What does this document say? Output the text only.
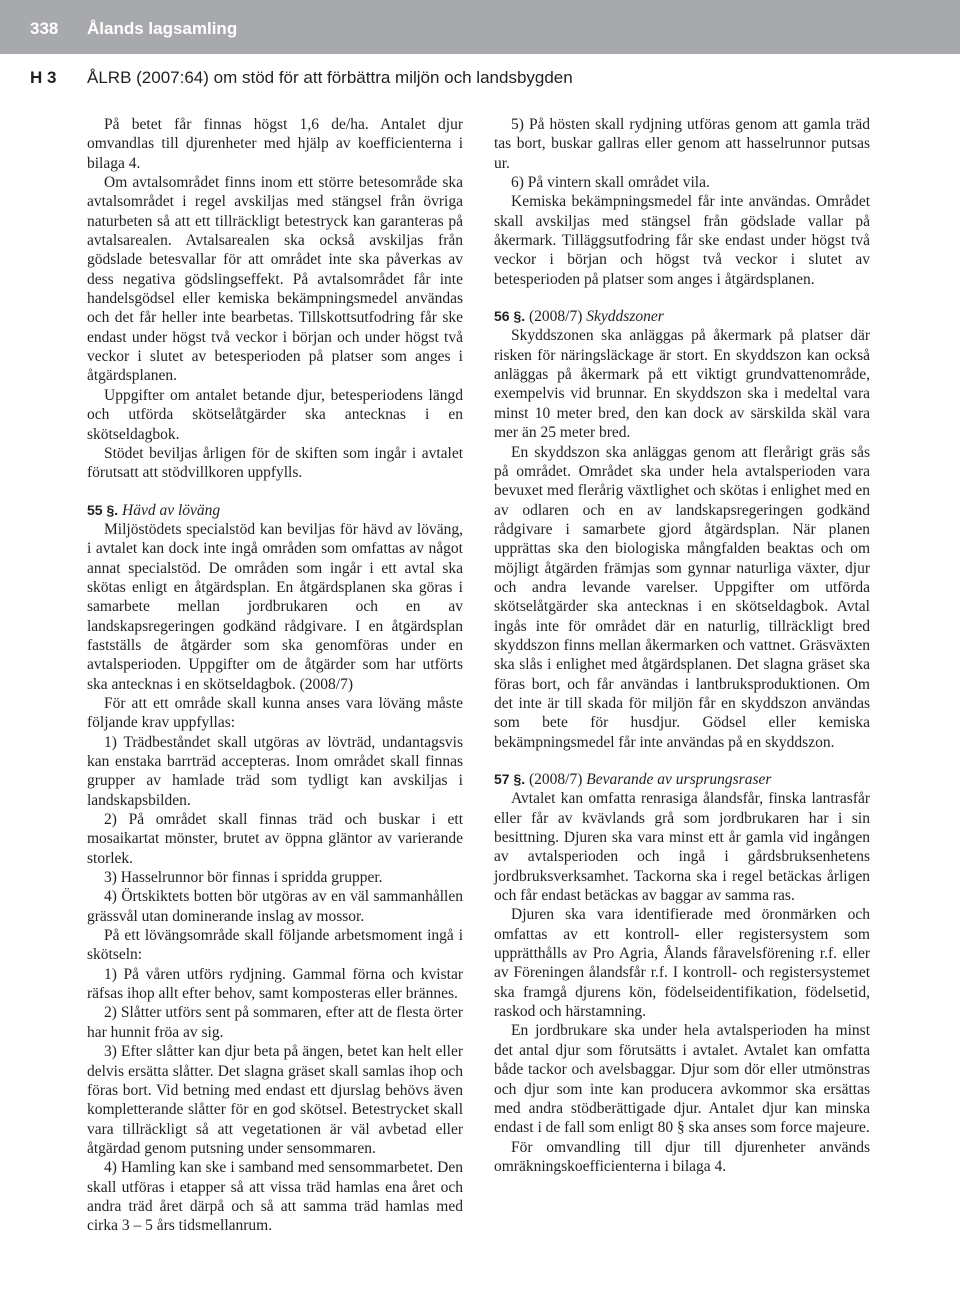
338 Ålands lagsamling
H 3 ÅLRB (2007:64) om stöd för att förbättra miljön och landsbygden

På betet får finnas högst 1,6 de/ha. Antalet djur omvandlas till djurenheter med hjälp av koefficienterna i bilaga 4.

Om avtalsområdet finns inom ett större betesområde ska avtalsområdet i regel avskiljas med stängsel från övriga naturbeten så att ett tillräckligt betestryck kan garanteras på avtalsarealen. Avtalsarealen ska också avskiljas från gödslade betesvallar för att området inte ska påverkas av dess negativa gödslingseffekt. På avtalsområdet får inte handelsgödsel eller kemiska bekämpningsmedel användas och det får heller inte bearbetas. Tillskottsutfodring får ske endast under högst två veckor i början och under högst två veckor i slutet av betesperioden på platser som anges i åtgärdsplanen.

Uppgifter om antalet betande djur, betesperiodens längd och utförda skötselåtgärder ska antecknas i en skötseldagbok.

Stödet beviljas årligen för de skiften som ingår i avtalet förutsatt att stödvillkoren uppfylls.

55 §. Hävd av löväng

Miljöstödets specialstöd kan beviljas för hävd av löväng, i avtalet kan dock inte ingå områden som omfattas av något annat specialstöd. De områden som ingår i ett avtal ska skötas enligt en åtgärdsplan. En åtgärdsplanen ska göras i samarbete mellan jordbrukaren och en av landskapsregeringen godkänd rådgivare. I en åtgärdsplan fastställs de åtgärder som ska genomföras under en avtalsperioden. Uppgifter om de åtgärder som har utförts ska antecknas i en skötseldagbok. (2008/7)

För att ett område skall kunna anses vara löväng måste följande krav uppfyllas:

1) Trädbeståndet skall utgöras av lövträd, undantagsvis kan enstaka barrträd accepteras. Inom området skall finnas grupper av hamlade träd som tydligt kan avskiljas i landskapsbilden.

2) På området skall finnas träd och buskar i ett mosaikartat mönster, brutet av öppna gläntor av varierande storlek.

3) Hasselrunnor bör finnas i spridda grupper.

4) Örtskiktets botten bör utgöras av en väl sammanhållen grässvål utan dominerande inslag av mossor.

På ett lövängsområde skall följande arbetsmoment ingå i skötseln:

1) På våren utförs rydjning. Gammal förna och kvistar räfsas ihop allt efter behov, samt komposteras eller brännes.

2) Slåtter utförs sent på sommaren, efter att de flesta örter har hunnit fröa av sig.

3) Efter slåtter kan djur beta på ängen, betet kan helt eller delvis ersätta slåtter. Det slagna gräset skall samlas ihop och föras bort. Vid betning med endast ett djurslag behövs även kompletterande slåtter för en god skötsel. Betestrycket skall vara tillräckligt så att vegetationen är väl avbetad eller åtgärdad genom putsning under sensommaren.

4) Hamling kan ske i samband med sensommarbetet. Den skall utföras i etapper så att vissa träd hamlas ena året och andra träd året därpå och så att samma träd hamlas med cirka 3 – 5 års tidsmellanrum.

5) På hösten skall rydjning utföras genom att gamla träd tas bort, buskar gallras eller genom att hasselrunnor putsas ur.

6) På vintern skall området vila.

Kemiska bekämpningsmedel får inte användas. Området skall avskiljas med stängsel från gödslade vallar på åkermark. Tilläggsutfodring får ske endast under högst två veckor i början och högst två veckor i slutet av betesperioden på platser som anges i åtgärdsplanen.

56 §. (2008/7) Skyddszoner

Skyddszonen ska anläggas på åkermark på platser där risken för näringsläckage är stort. En skyddszon kan också anläggas på åkermark på ett viktigt grundvattenområde, exempelvis vid brunnar. En skyddszon ska i medeltal vara minst 10 meter bred, den kan dock av särskilda skäl vara mer än 25 meter bred.

En skyddszon ska anläggas genom att flerårigt gräs sås på området. Området ska under hela avtalsperioden vara bevuxet med flerårig växtlighet och skötas i enlighet med en av odlaren och en av landskapsregeringen godkänd rådgivare i samarbete gjord åtgärdsplan. När planen upprättas ska den biologiska mångfalden beaktas och om möjligt åtgärden främjas som gynnar naturliga växter, djur och andra levande varelser. Uppgifter om utförda skötselåtgärder ska antecknas i en skötseldagbok. Avtal ingås inte för området där en naturlig, tillräckligt bred skyddszon finns mellan åkermarken och vattnet. Gräsväxten ska slås i enlighet med åtgärdsplanen. Det slagna gräset ska föras bort, och får användas i lantbruksproduktionen. Om det inte är till skada för miljön får en skyddszon användas som bete för husdjur. Gödsel eller kemiska bekämpningsmedel får inte användas på en skyddszon.

57 §. (2008/7) Bevarande av ursprungsraser

Avtalet kan omfatta renrasiga ålandsfår, finska lantrasfår eller får av kvävlands grå som jordbrukaren har i sin besittning. Djuren ska vara minst ett år gamla vid ingången av avtalsperioden och ingå i gårdsbruksenhetens jordbruksverksamhet. Tackorna ska i regel betäckas årligen och får endast betäckas av baggar av samma ras.

Djuren ska vara identifierade med öronmärken och omfattas av ett kontroll- eller registersystem som upprätthålls av Pro Agria, Ålands fåravelsförening r.f. eller av Föreningen ålandsfår r.f. I kontroll- och registersystemet ska framgå djurens kön, födelseidentifikation, födelsetid, raskod och härstamning.

En jordbrukare ska under hela avtalsperioden ha minst det antal djur som förutsätts i avtalet. Avtalet kan omfatta både tackor och avelsbaggar. Djur som dör eller utmönstras och djur som inte kan producera avkommor ska ersättas med andra stödberättigade djur. Antalet djur kan minska endast i de fall som enligt 80 § ska anses som force majeure.

För omvandling till djur till djurenheter används omräkningskoefficienterna i bilaga 4.
